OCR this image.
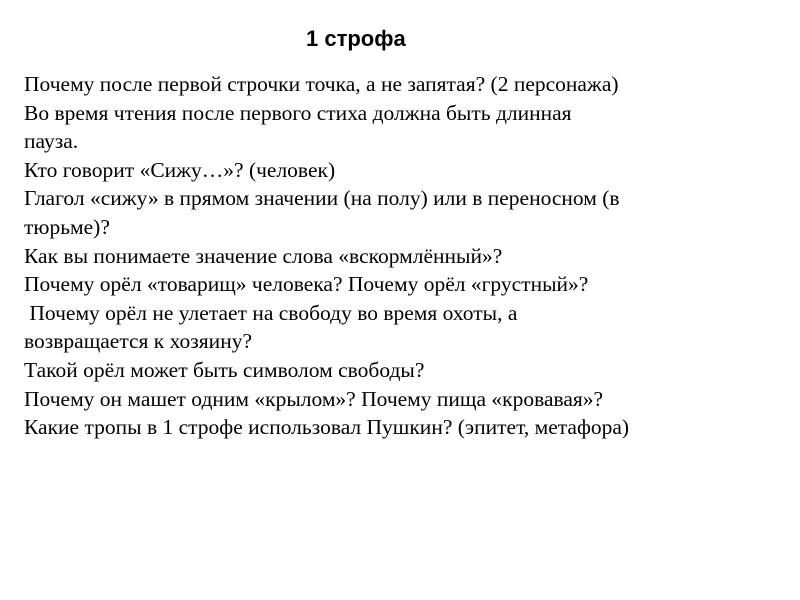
1 строфа
Почему после первой строчки точка, а не запятая? (2 персонажа)
Во время чтения после первого стиха должна быть длинная
пауза.
Кто говорит «Сижу…»? (человек)
Глагол «сижу» в прямом значении (на полу) или в переносном (в
тюрьме)?
Как вы понимаете значение слова «вскормлённый»?
Почему орёл «товарищ» человека? Почему орёл «грустный»?
Почему орёл не улетает на свободу во время охоты, а
возвращается к хозяину?
Такой орёл может быть символом свободы?
Почему он машет одним «крылом»? Почему пища «кровавая»?
Какие тропы в 1 строфе использовал Пушкин? (эпитет, метафора)
